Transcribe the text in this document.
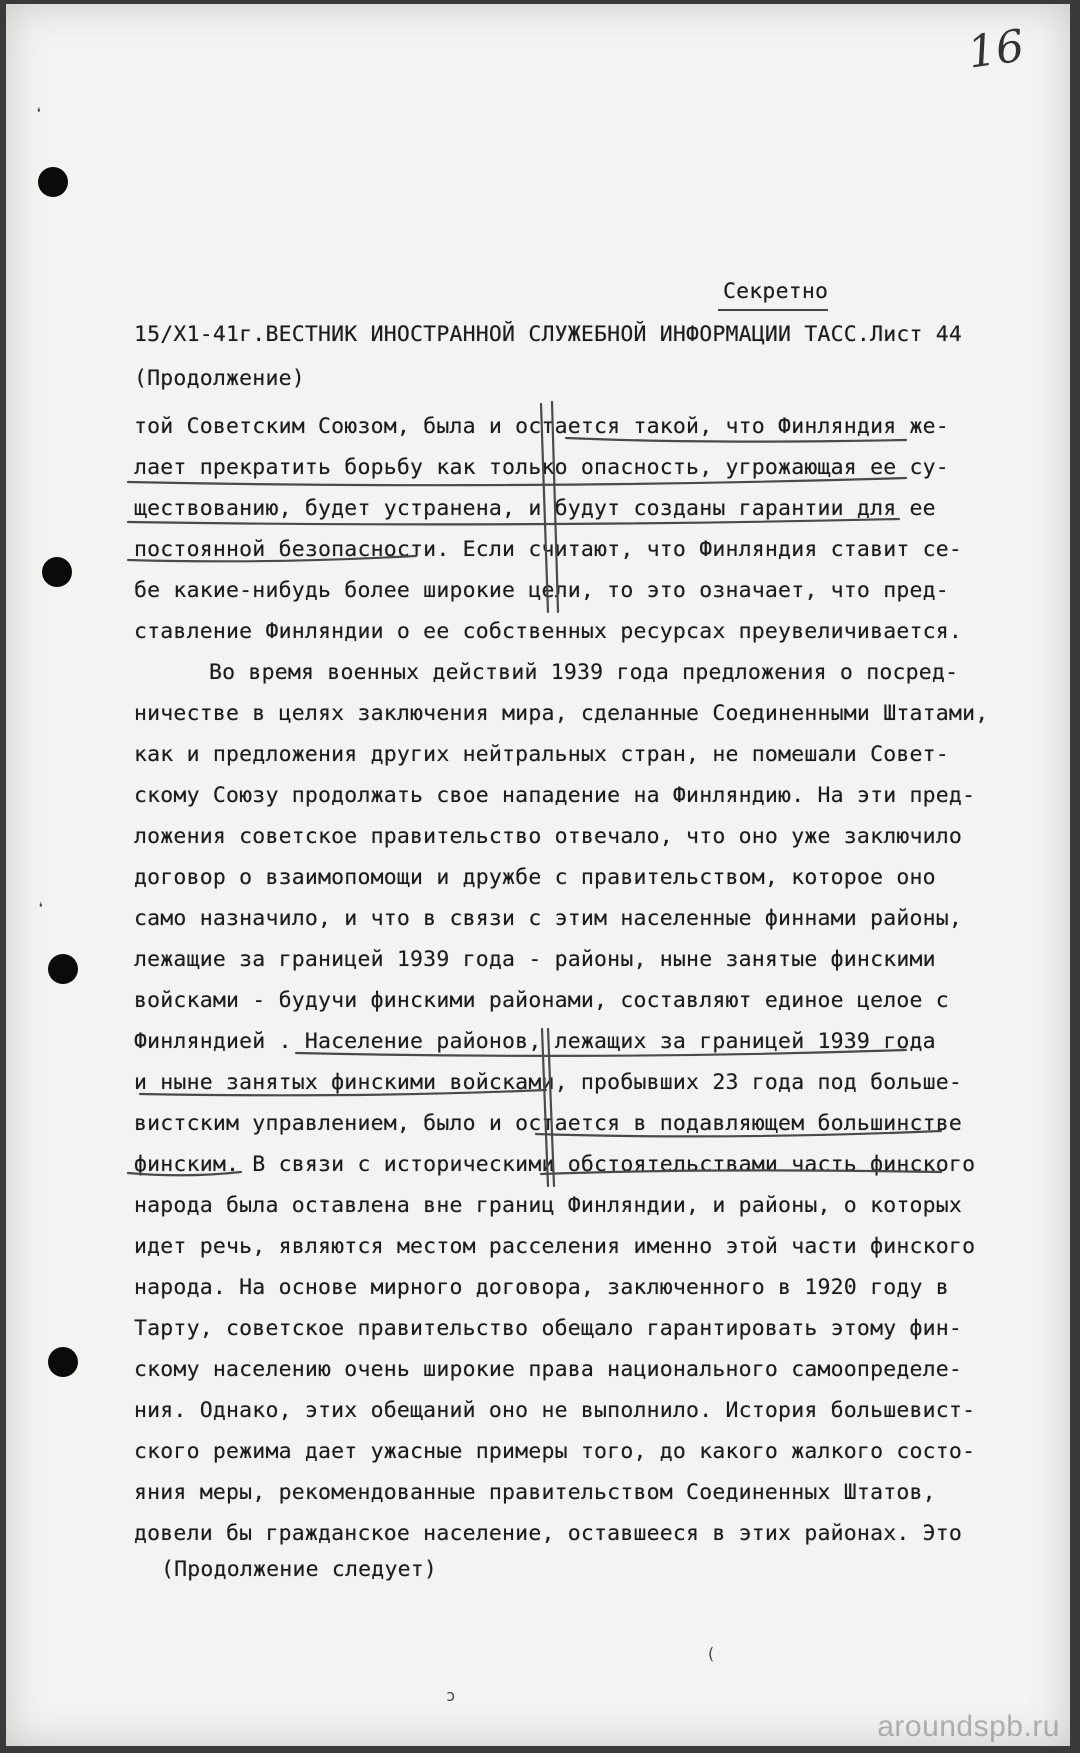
❛
❛
16
Секретно
15/Х1-41г.ВЕСТНИК ИНОСТРАННОЙ СЛУЖЕБНОЙ ИНФОРМАЦИИ ТАСС.Лист 44
(Продолжение)
той Советским Союзом, была и остается такой, что Финляндия же-
лает прекратить борьбу как только опасность, угрожающая ее су-
ществованию, будет устранена, и будут созданы гарантии для ее
постоянной безопасности. Если считают, что Финляндия ставит се-
бе какие-нибудь более широкие цели, то это означает, что пред-
ставление Финляндии о ее собственных ресурсах преувеличивается.
Во время военных действий 1939 года предложения о посред-
ничестве в целях заключения мира, сделанные Соединенными Штатами,
как и предложения других нейтральных стран, не помешали Совет-
скому Союзу продолжать свое нападение на Финляндию. На эти пред-
ложения советское правительство отвечало, что оно уже заключило
договор о взаимопомощи и дружбе с правительством, которое оно
само назначило, и что в связи с этим населенные финнами районы,
лежащие за границей 1939 года - районы, ныне занятые финскими
войсками - будучи финскими районами, составляют единое целое с
Финляндией . Население районов, лежащих за границей 1939 года
и ныне занятых финскими войсками, пробывших 23 года под больше-
вистским управлением, было и остается в подавляющем большинстве
финским. В связи с историческими обстоятельствами часть финского
народа была оставлена вне границ Финляндии, и районы, о которых
идет речь, являются местом расселения именно этой части финского
народа. На основе мирного договора, заключенного в 1920 году в
Тарту, советское правительство обещало гарантировать этому фин-
скому населению очень широкие права национального самоопределе-
ния. Однако, этих обещаний оно не выполнило. История большевист-
ского режима дает ужасные примеры того, до какого жалкого состо-
яния меры, рекомендованные правительством Соединенных Штатов,
довели бы гражданское население, оставшееся в этих районах. Это
(Продолжение следует)
ɔ
(
aroundspb.ru
